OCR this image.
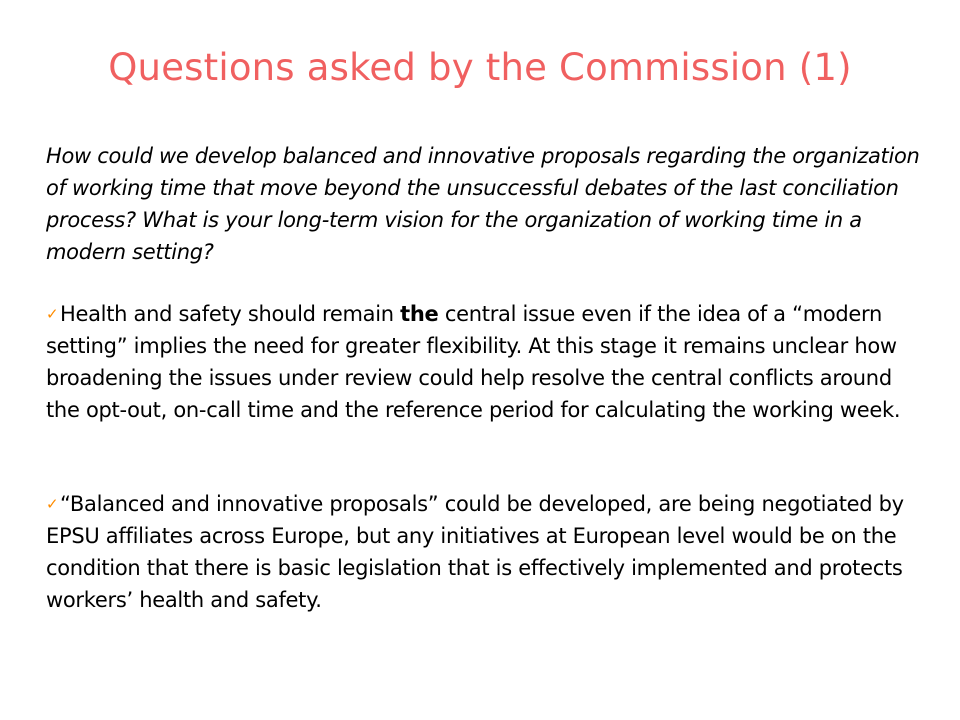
Questions asked by the Commission (1)
How could we develop balanced and innovative proposals regarding the organization of working time that move beyond the unsuccessful debates of the last conciliation process? What is your long-term vision for the organization of working time in a modern setting?
✓Health and safety should remain the central issue even if the idea of a “modern setting” implies the need for greater flexibility. At this stage it remains unclear how broadening the issues under review could help resolve the central conflicts around the opt-out, on-call time and the reference period for calculating the working week.
✓“Balanced and innovative proposals” could be developed, are being negotiated by EPSU affiliates across Europe, but any initiatives at European level would be on the condition that there is basic legislation that is effectively implemented and protects workers’ health and safety.
